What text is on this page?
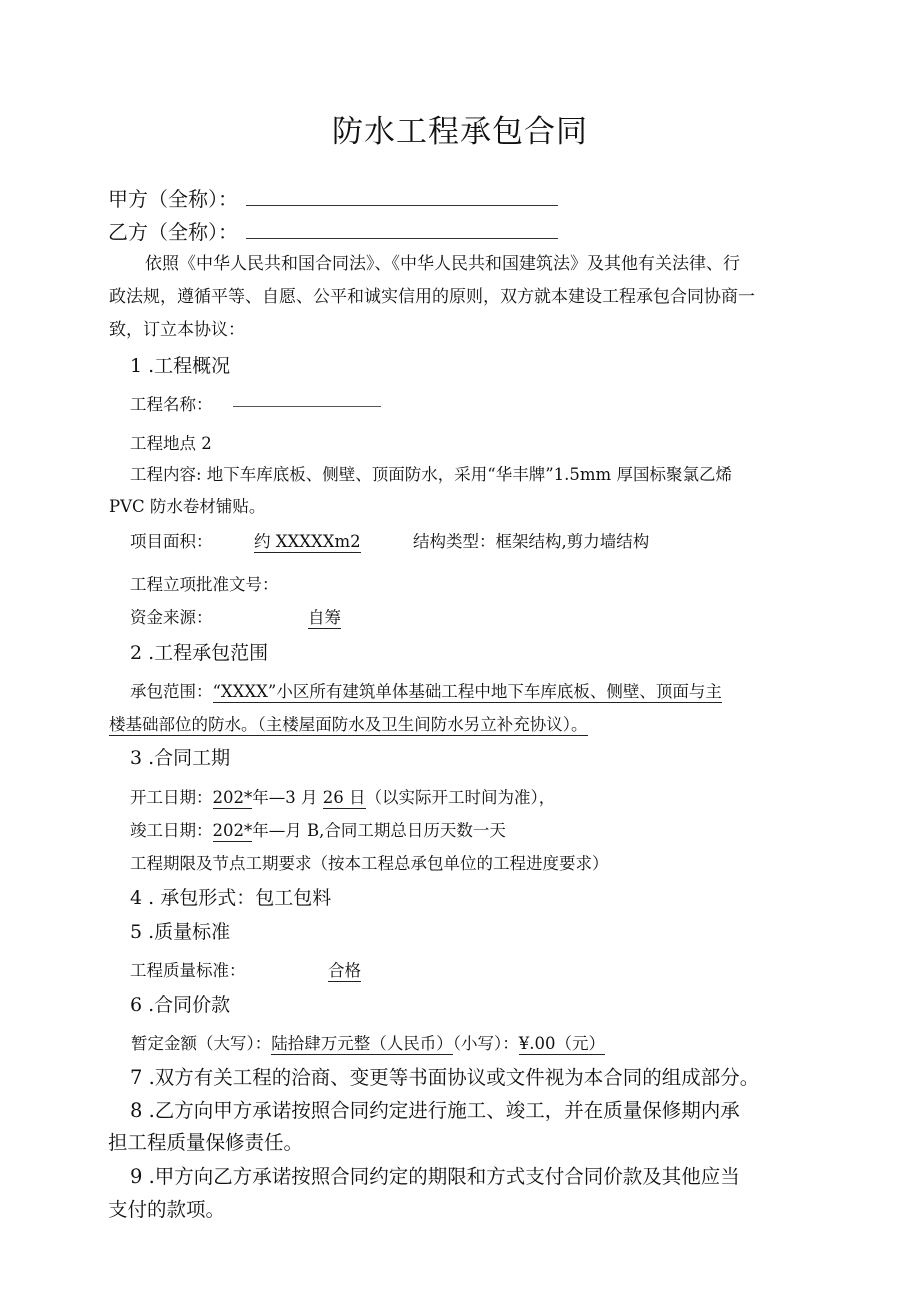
防水工程承包合同
甲方（全称）：
乙方（全称）：
依照《中华人民共和国合同法》、《中华人民共和国建筑法》及其他有关法律、行
政法规，遵循平等、自愿、公平和诚实信用的原则，双方就本建设工程承包合同协商一
致，订立本协议：
1 .工程概况
工程名称：
工程地点 2
工程内容: 地下车库底板、侧壁、顶面防水，采用“华丰牌”1.5mm 厚国标聚氯乙烯
PVC 防水卷材铺贴。
项目面积：	约 XXXXXm2	结构类型：框架结构,剪力墙结构
工程立项批准文号：
资金来源：	自筹
2 .工程承包范围
承包范围：“XXXX”小区所有建筑单体基础工程中地下车库底板、侧壁、顶面与主
楼基础部位的防水。（主楼屋面防水及卫生间防水另立补充协议）。
3 .合同工期
开工日期：202*年—3 月 26 日（以实际开工时间为准），
竣工日期：202*年—月 B,合同工期总日历天数一天
工程期限及节点工期要求（按本工程总承包单位的工程进度要求）
4 . 承包形式：包工包料
5 .质量标准
工程质量标准：	合格
6 .合同价款
暂定金额（大写）：陆拾肆万元整（人民币）（小写）：¥.00（元）
7 .双方有关工程的洽商、变更等书面协议或文件视为本合同的组成部分。
8 .乙方向甲方承诺按照合同约定进行施工、竣工，并在质量保修期内承
担工程质量保修责任。
9 .甲方向乙方承诺按照合同约定的期限和方式支付合同价款及其他应当
支付的款项。
